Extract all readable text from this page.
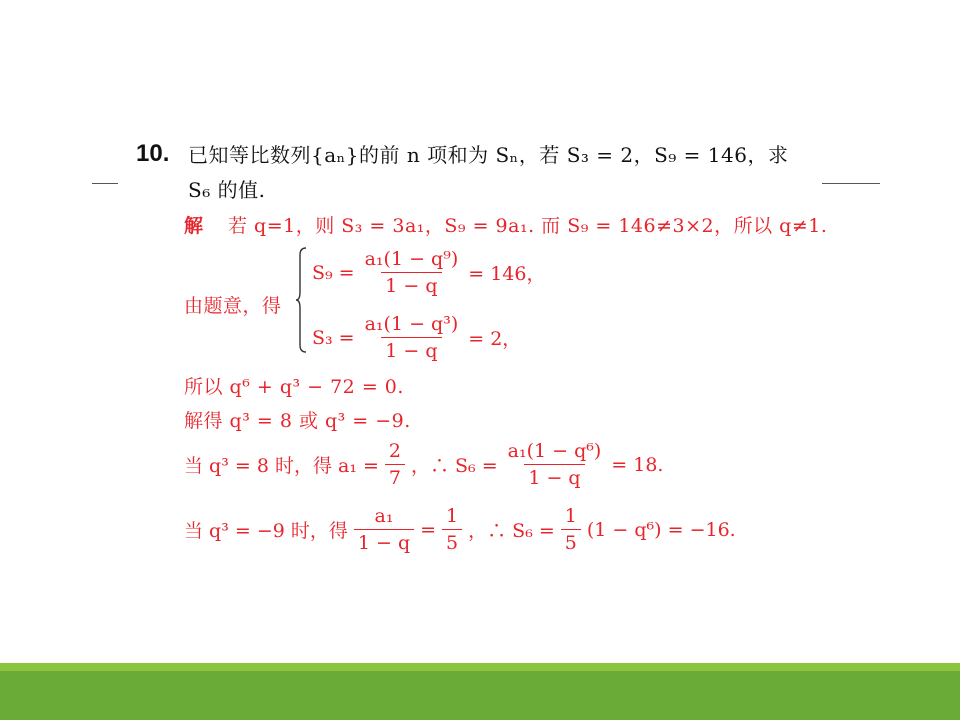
10. 已知等比数列{aₙ}的前 n 项和为 Sₙ，若 S₃ = 2，S₉ = 146，求
S₆ 的值.
解 若 q=1，则 S₃ = 3a₁，S₉ = 9a₁. 而 S₉ = 146≠3×2，所以 q≠1.
由题意，得
$S_9 = \frac{\text{a₁(1 − q⁹)}}{1 - q} = 146$，
$S_3 = \frac{\text{a₁(1 − q³)}}{1 - q} = 2$，
所以 q⁶ + q³ − 72 = 0.
解得 q³ = 8 或 q³ = −9.
当 q³ = 8 时，得 $a_1 = \frac{2}{7}$ ，∴ $S_6 = \frac{\text{a₁(1 − q⁶)}}{1 - q} = 18$.
当 q³ = −9 时，得 $\frac{\text{a₁}}{1 - q} = \frac{1}{5}$ ，∴ $S_6 = \frac{1}{5} (1 - q^6) = -16$.
